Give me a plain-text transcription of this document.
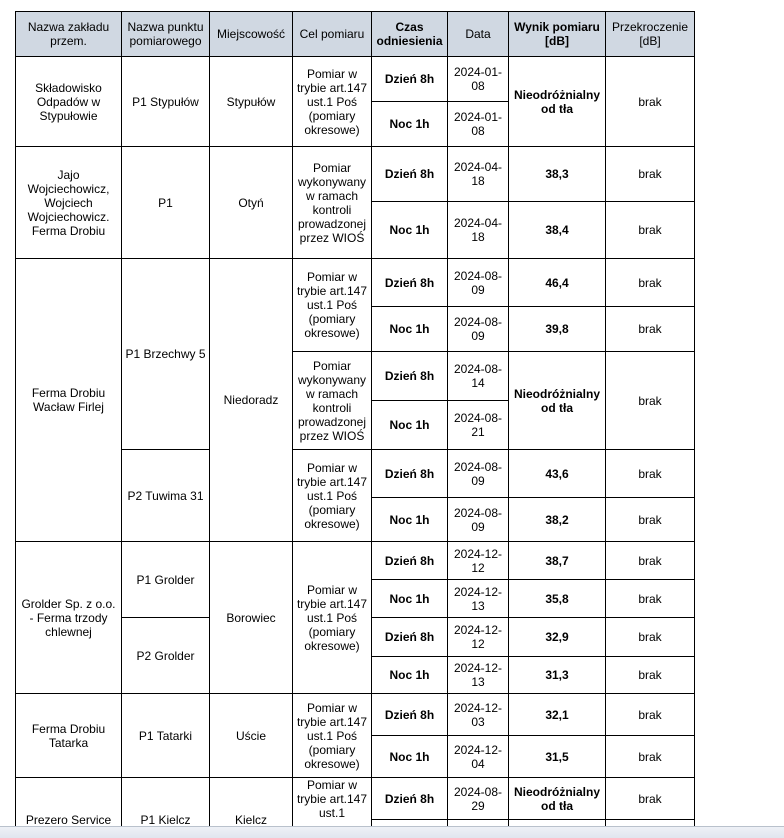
Nazwa zakładu przem.	Nazwa punktu pomiarowego	Miejscowość	Cel pomiaru	Czas odniesienia	Data	Wynik pomiaru [dB]	Przekroczenie [dB]
Składowisko Odpadów w Stypułowie	P1 Stypułów	Stypułów	Pomiar w trybie art.147 ust.1 Poś (pomiary okresowe)	Dzień 8h	2024-01-08	Nieodróżnialny od tła	brak
				Noc 1h	2024-01-08		
Jajo Wojciechowicz, Wojciech Wojciechowicz. Ferma Drobiu	P1	Otyń	Pomiar wykonywany w ramach kontroli prowadzonej przez WIOŚ	Dzień 8h	2024-04-18	38,3	brak
				Noc 1h	2024-04-18	38,4	brak
Ferma Drobiu Wacław Firlej	P1 Brzechwy 5	Niedoradz	Pomiar w trybie art.147 ust.1 Poś (pomiary okresowe)	Dzień 8h	2024-08-09	46,4	brak
				Noc 1h	2024-08-09	39,8	brak
			Pomiar wykonywany w ramach kontroli prowadzonej przez WIOŚ	Dzień 8h	2024-08-14	Nieodróżnialny od tła	brak
				Noc 1h	2024-08-21		
	P2 Tuwima 31		Pomiar w trybie art.147 ust.1 Poś (pomiary okresowe)	Dzień 8h	2024-08-09	43,6	brak
				Noc 1h	2024-08-09	38,2	brak
Grolder Sp. z o.o. - Ferma trzody chlewnej	P1 Grolder	Borowiec	Pomiar w trybie art.147 ust.1 Poś (pomiary okresowe)	Dzień 8h	2024-12-12	38,7	brak
				Noc 1h	2024-12-13	35,8	brak
	P2 Grolder			Dzień 8h	2024-12-12	32,9	brak
				Noc 1h	2024-12-13	31,3	brak
Ferma Drobiu Tatarka	P1 Tatarki	Uście	Pomiar w trybie art.147 ust.1 Poś (pomiary okresowe)	Dzień 8h	2024-12-03	32,1	brak
				Noc 1h	2024-12-04	31,5	brak
Prezero Service	P1 Kielcz	Kielcz	Pomiar w trybie art.147 ust.1	Dzień 8h	2024-08-29	Nieodróżnialny od tła	brak
